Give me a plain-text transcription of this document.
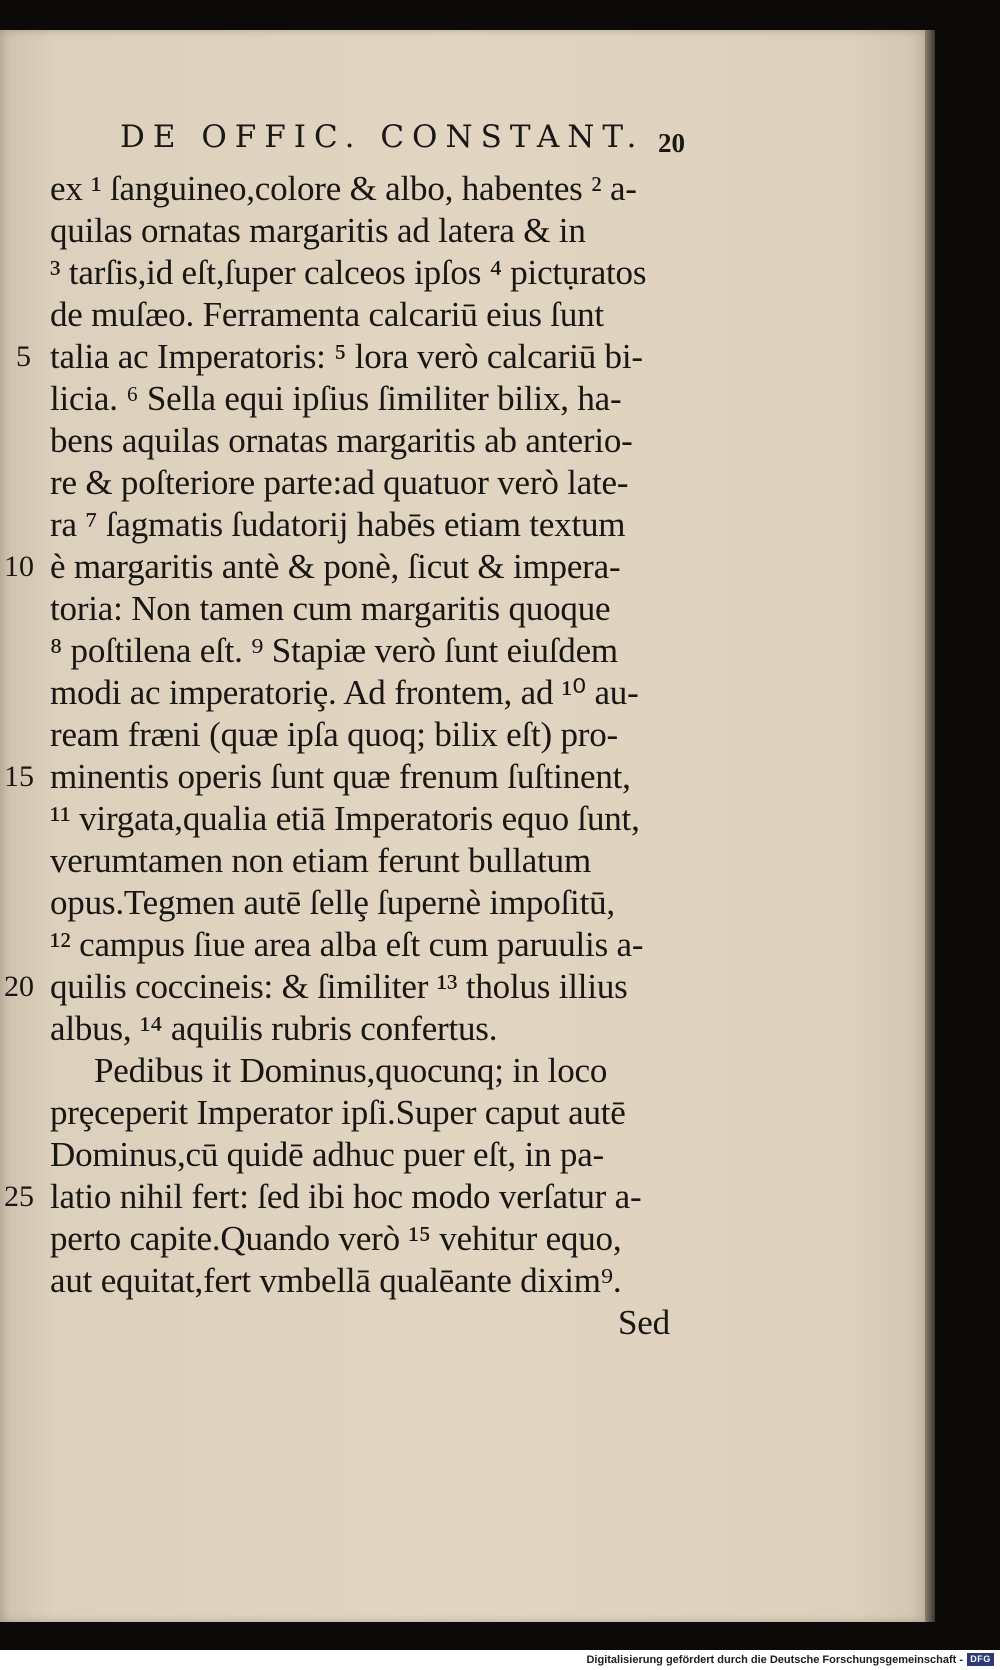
DE OFFIC. CONSTANT. 20
ex ¹ ſanguineo,colore & albo, habentes ² a-
quilas ornatas margaritis ad latera & in
³ tarſis,id eſt,ſuper calceos ipſos ⁴ pictụratos
de muſæo. Ferramenta calcariū eius ſunt
talia ac Imperatoris: ⁵ lora verò calcariū bi-
licia. ⁶ Sella equi ipſius ſimiliter bilix, ha-
bens aquilas ornatas margaritis ab anterio-
re & poſteriore parte:ad quatuor verò late-
ra ⁷ ſagmatis ſudatorij habēs etiam textum
è margaritis antè & ponè, ſicut & impera-
toria: Non tamen cum margaritis quoque
⁸ poſtilena eſt. ⁹ Stapiæ verò ſunt eiuſdem
modi ac imperatoriȩ. Ad frontem, ad ¹⁰ au-
ream fræni (quæ ipſa quoq; bilix eſt) pro-
minentis operis ſunt quæ frenum ſuſtinent,
¹¹ virgata,qualia etiā Imperatoris equo ſunt,
verumtamen non etiam ferunt bullatum
opus.Tegmen autē ſellȩ ſupernè impoſitū,
¹² campus ſiue area alba eſt cum paruulis a-
quilis coccineis: & ſimiliter ¹³ tholus illius
albus, ¹⁴ aquilis rubris confertus.
Pedibus it Dominus,quocunq; in loco
prȩceperit Imperator ipſi.Super caput autē
Dominus,cū quidē adhuc puer eſt, in pa-
latio nihil fert: ſed ibi hoc modo verſatur a-
perto capite.Quando verò ¹⁵ vehitur equo,
aut equitat,fert vmbellā qualēante dixim⁹.
Sed
5
10
15
20
25
Digitalisierung gefördert durch die Deutsche Forschungsgemeinschaft - DFG
